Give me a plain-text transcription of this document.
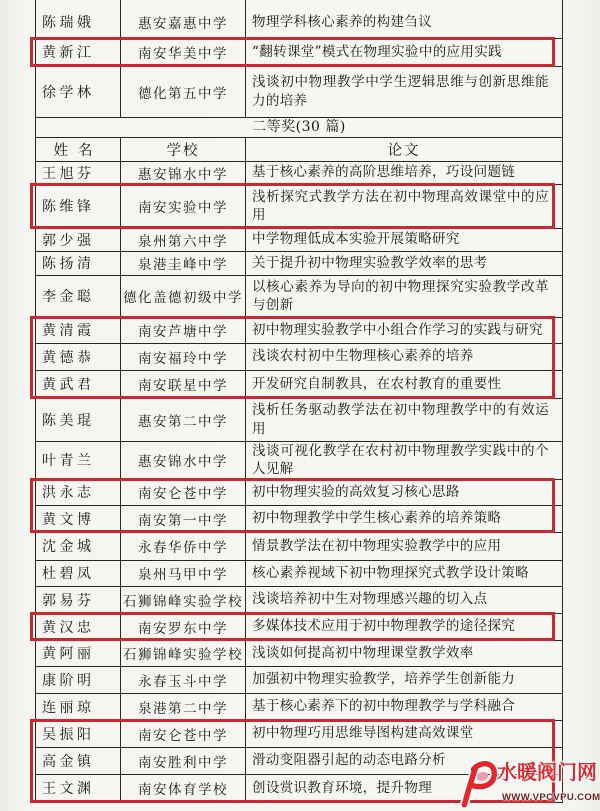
陈瑞娥	惠安嘉惠中学	物理学科核心素养的构建刍议
黄新江	南安华美中学	“翻转课堂”模式在物理实验中的应用实践
徐学林	德化第五中学	浅谈初中物理教学中学生逻辑思维与创新思维能力的培养
二等奖(30 篇)		
姓名	学校	论文
王旭芬	惠安锦水中学	基于核心素养的高阶思维培养，巧设问题链
陈维锋	南安实验中学	浅析探究式教学方法在初中物理高效课堂中的应用
郭少强	泉州第六中学	中学物理低成本实验开展策略研究
陈扬清	泉港圭峰中学	关于提升初中物理实验教学效率的思考
李金聪	德化盖德初级中学	以核心素养为导向的初中物理探究实验教学改革与创新
黄清霞	南安芦塘中学	初中物理实验教学中小组合作学习的实践与研究
黄德恭	南安福玲中学	浅谈农村初中生物理核心素养的培养
黄武君	南安联星中学	开发研究自制教具，在农村教育的重要性
陈美琨	惠安第二中学	浅析任务驱动教学法在初中物理教学中的有效运用
叶青兰	惠安锦水中学	浅谈可视化教学在农村初中物理教学实践中的个人见解
洪永志	南安仑苍中学	初中物理实验的高效复习核心思路
黄文博	南安第一中学	初中物理教学中学生核心素养的培养策略
沈金城	永春华侨中学	情景教学法在初中物理实验教学中的应用
杜碧凤	泉州马甲中学	核心素养视域下初中物理探究式教学设计策略
郭易芬	石狮锦峰实验学校	浅谈培养初中生对物理感兴趣的切入点
黄汉忠	南安罗东中学	多媒体技术应用于初中物理教学的途径探究
黄阿丽	石狮锦峰实验学校	浅谈如何提高初中物理课堂教学效率
康阶明	永春玉斗中学	加强初中物理实验教学，培养学生创新能力
连丽琼	泉港第二中学	基于核心素养下的初中物理教学与学科融合
吴振阳	南安仑苍中学	初中物理巧用思维导图构建高效课堂
高金镇	南安胜利中学	滑动变阻器引起的动态电路分析
王文渊	南安体育学校	创设赏识教育环境，提升物理
水暖阀门网
WWW.VPCVPU.COM
